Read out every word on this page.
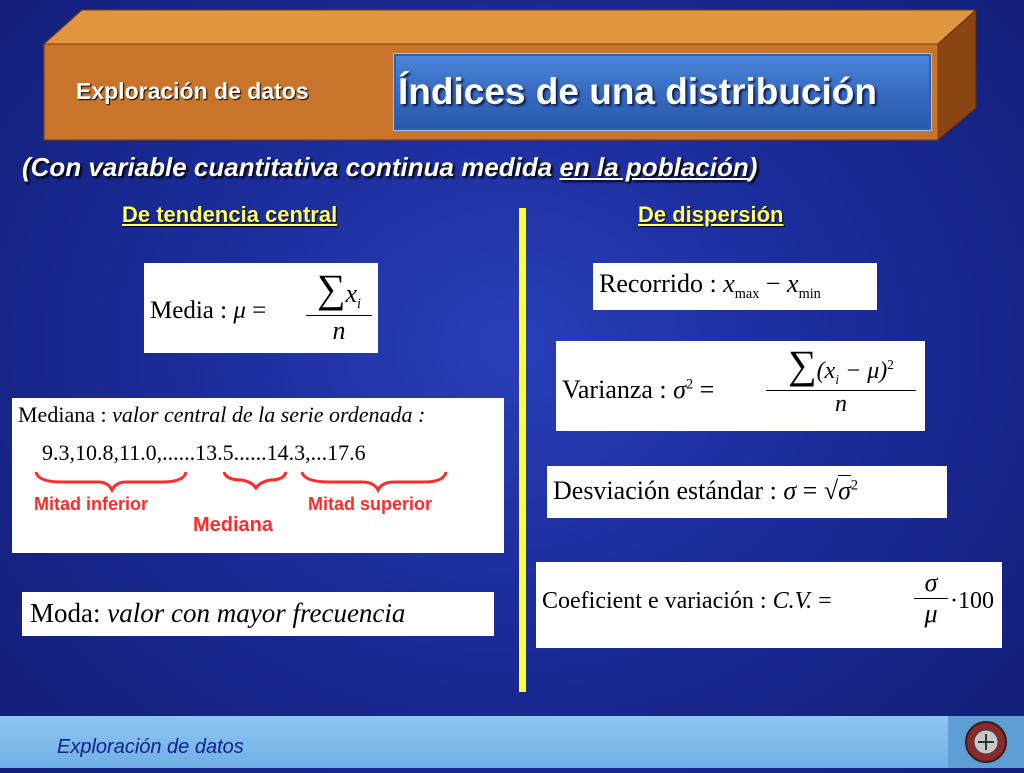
Exploración de datos Índices de una distribución
(Con variable cuantitativa continua medida en la población)
De tendencia central	De dispersión
Media : $\mu = \sum x_i$
n
Mediana : valor central de la serie ordenada :
9.3,10.8,11.0,......13.5......14.3,...17.6
Mitad inferior
Mediana
Mitad superior
Moda: valor con mayor frecuencia
Recorrido : $x_{max} - x_{min}$
Varianza : $\sigma^2$ =
$\sum(x_i - \mu)^2$
n
Desviación estándar : $\sigma = √\sigma^2$
Coeficient e variación : C.V. =
σ
μ ·100
Exploración de datos
